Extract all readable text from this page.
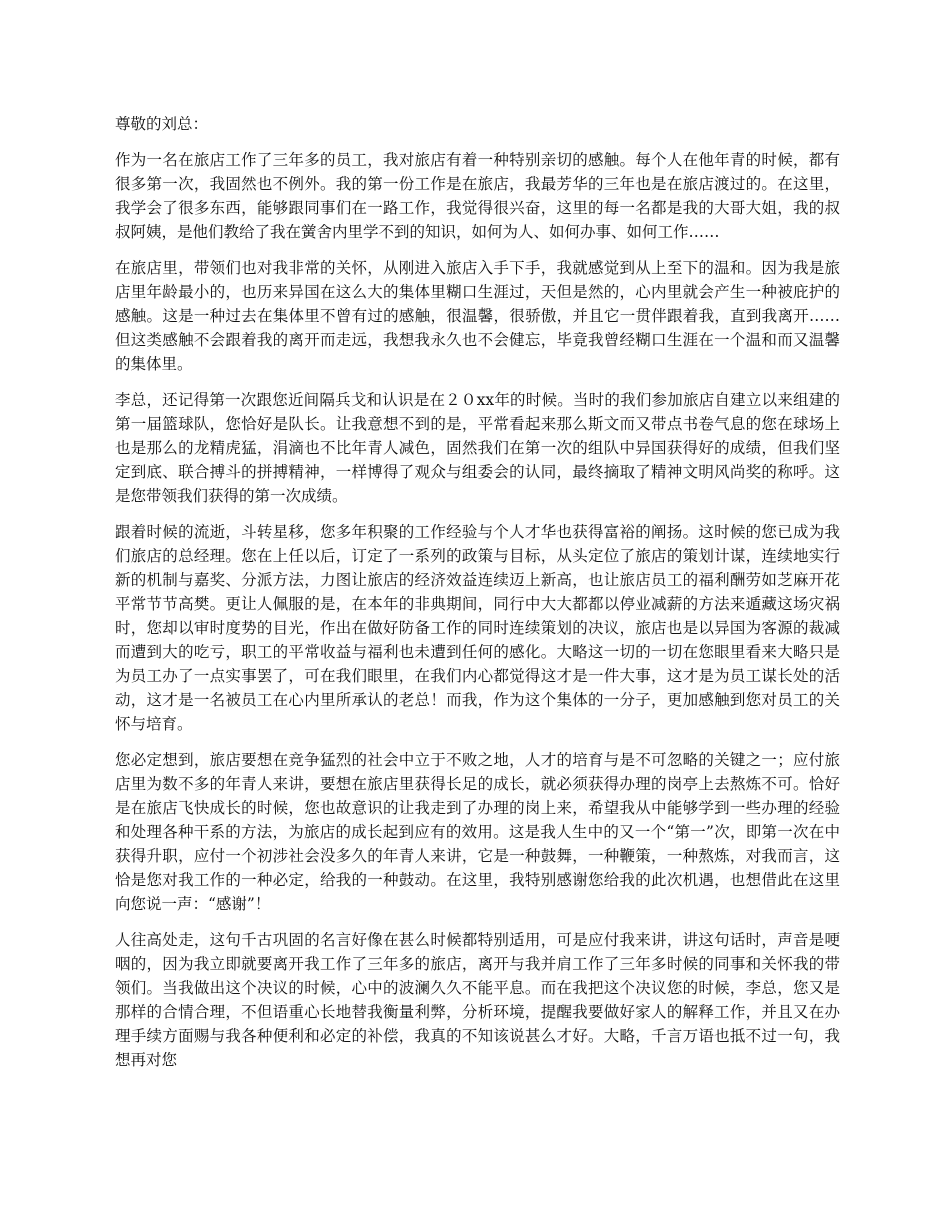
尊敬的刘总：

作为一名在旅店工作了三年多的员工，我对旅店有着一种特别亲切的感触。每个人在他年青的时候，都有很多第一次，我固然也不例外。我的第一份工作是在旅店，我最芳华的三年也是在旅店渡过的。在这里，我学会了很多东西，能够跟同事们在一路工作，我觉得很兴奋，这里的每一名都是我的大哥大姐，我的叔叔阿姨，是他们教给了我在黉舍内里学不到的知识，如何为人、如何办事、如何工作……

在旅店里，带领们也对我非常的关怀，从刚进入旅店入手下手，我就感觉到从上至下的温和。因为我是旅店里年龄最小的，也历来异国在这么大的集体里糊口生涯过，天但是然的，心内里就会产生一种被庇护的感触。这是一种过去在集体里不曾有过的感触，很温馨，很骄傲，并且它一贯伴跟着我，直到我离开……但这类感触不会跟着我的离开而走远，我想我永久也不会健忘，毕竟我曾经糊口生涯在一个温和而又温馨的集体里。

李总，还记得第一次跟您近间隔兵戈和认识是在２０xx年的时候。当时的我们参加旅店自建立以来组建的第一届篮球队，您恰好是队长。让我意想不到的是，平常看起来那么斯文而又带点书卷气息的您在球场上也是那么的龙精虎猛，涓滴也不比年青人减色，固然我们在第一次的组队中异国获得好的成绩，但我们坚定到底、联合搏斗的拼搏精神，一样博得了观众与组委会的认同，最终摘取了精神文明风尚奖的称呼。这是您带领我们获得的第一次成绩。

跟着时候的流逝，斗转星移，您多年积聚的工作经验与个人才华也获得富裕的阐扬。这时候的您已成为我们旅店的总经理。您在上任以后，订定了一系列的政策与目标，从头定位了旅店的策划计谋，连续地实行新的机制与嘉奖、分派方法，力图让旅店的经济效益连续迈上新高，也让旅店员工的福利酬劳如芝麻开花平常节节高樊。更让人佩服的是，在本年的非典期间，同行中大大都都以停业减薪的方法来遁藏这场灾祸时，您却以审时度势的目光，作出在做好防备工作的同时连续策划的决议，旅店也是以异国为客源的裁减而遭到大的吃亏，职工的平常收益与福利也未遭到任何的感化。大略这一切的一切在您眼里看来大略只是为员工办了一点实事罢了，可在我们眼里，在我们内心都觉得这才是一件大事，这才是为员工谋长处的活动，这才是一名被员工在心内里所承认的老总！而我，作为这个集体的一分子，更加感触到您对员工的关怀与培育。

您必定想到，旅店要想在竞争猛烈的社会中立于不败之地，人才的培育与是不可忽略的关键之一；应付旅店里为数不多的年青人来讲，要想在旅店里获得长足的成长，就必须获得办理的岗亭上去熬炼不可。恰好是在旅店飞快成长的时候，您也故意识的让我走到了办理的岗上来，希望我从中能够学到一些办理的经验和处理各种干系的方法，为旅店的成长起到应有的效用。这是我人生中的又一个“第一”次，即第一次在中获得升职，应付一个初涉社会没多久的年青人来讲，它是一种鼓舞，一种鞭策，一种熬炼，对我而言，这恰是您对我工作的一种必定，给我的一种鼓动。在这里，我特别感谢您给我的此次机遇，也想借此在这里向您说一声：“感谢”！

人往高处走，这句千古巩固的名言好像在甚么时候都特别适用，可是应付我来讲，讲这句话时，声音是哽咽的，因为我立即就要离开我工作了三年多的旅店，离开与我并肩工作了三年多时候的同事和关怀我的带领们。当我做出这个决议的时候，心中的波澜久久不能平息。而在我把这个决议您的时候，李总，您又是那样的合情合理，不但语重心长地替我衡量利弊，分析环境，提醒我要做好家人的解释工作，并且又在办理手续方面赐与我各种便利和必定的补偿，我真的不知该说甚么才好。大略，千言万语也抵不过一句，我想再对您
